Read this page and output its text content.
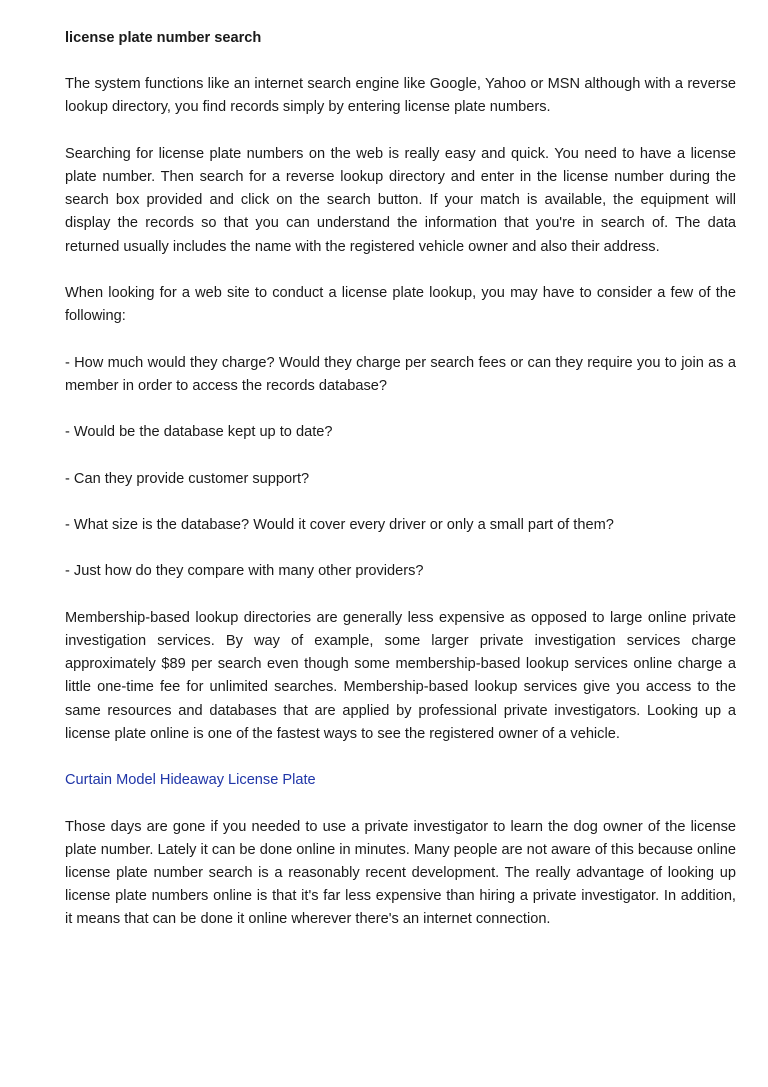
license plate number search

The system functions like an internet search engine like Google, Yahoo or MSN although with a reverse lookup directory, you find records simply by entering license plate numbers.

Searching for license plate numbers on the web is really easy and quick. You need to have a license plate number. Then search for a reverse lookup directory and enter in the license number during the search box provided and click on the search button. If your match is available, the equipment will display the records so that you can understand the information that you're in search of. The data returned usually includes the name with the registered vehicle owner and also their address.

When looking for a web site to conduct a license plate lookup, you may have to consider a few of the following:

- How much would they charge? Would they charge per search fees or can they require you to join as a member in order to access the records database?

- Would be the database kept up to date?

- Can they provide customer support?

- What size is the database? Would it cover every driver or only a small part of them?

- Just how do they compare with many other providers?

Membership-based lookup directories are generally less expensive as opposed to large online private investigation services. By way of example, some larger private investigation services charge approximately $89 per search even though some membership-based lookup services online charge a little one-time fee for unlimited searches. Membership-based lookup services give you access to the same resources and databases that are applied by professional private investigators. Looking up a license plate online is one of the fastest ways to see the registered owner of a vehicle.

Curtain Model Hideaway License Plate

Those days are gone if you needed to use a private investigator to learn the dog owner of the license plate number. Lately it can be done online in minutes. Many people are not aware of this because online license plate number search is a reasonably recent development. The really advantage of looking up license plate numbers online is that it's far less expensive than hiring a private investigator. In addition, it means that can be done it online wherever there's an internet connection.
